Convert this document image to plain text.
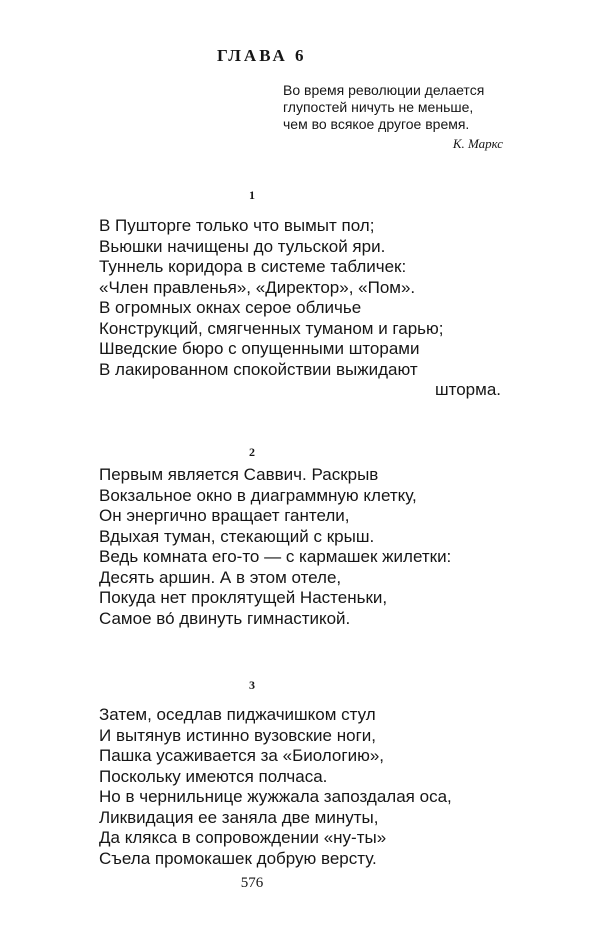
ГЛАВА 6
Во время революции делается
глупостей ничуть не меньше,
чем во всякое другое время.
К. Маркс
1
В Пушторге только что вымыт пол;
Вьюшки начищены до тульской яри.
Туннель коридора в системе табличек:
«Член правленья», «Директор», «Пом».
В огромных окнах серое обличье
Конструкций, смягченных туманом и гарью;
Шведские бюро с опущенными шторами
В лакированном спокойствии выжидают
шторма.
2
Первым является Саввич. Раскрыв
Вокзальное окно в диаграммную клетку,
Он энергично вращает гантели,
Вдыхая туман, стекающий с крыш.
Ведь комната его-то — с кармашек жилетки:
Десять аршин. А в этом отеле,
Покуда нет проклятущей Настеньки,
Самое во́ двинуть гимнастикой.
3
Затем, оседлав пиджачишком стул
И вытянув истинно вузовские ноги,
Пашка усаживается за «Биологию»,
Поскольку имеются полчаса.
Но в чернильнице жужжала запоздалая оса,
Ликвидация ее заняла две минуты,
Да клякса в сопровождении «ну-ты»
Съела промокашек добрую версту.
576
